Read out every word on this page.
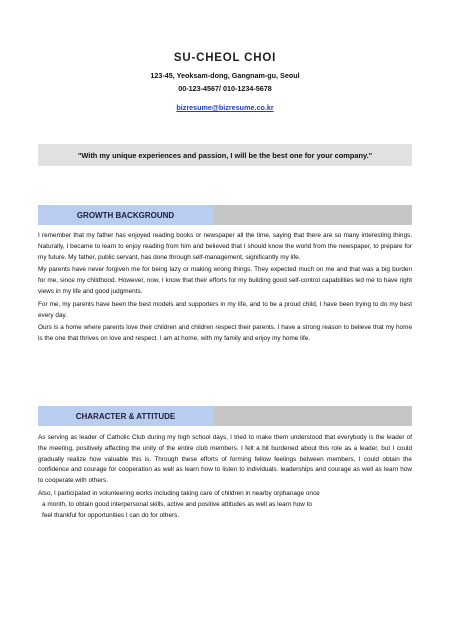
SU-CHEOL CHOI
123-45, Yeoksam-dong, Gangnam-gu, Seoul
00-123-4567/ 010-1234-5678
bizresume@bizresume.co.kr
"With my unique experiences and passion, I will be the best one for your company."
GROWTH BACKGROUND

I remember that my father has enjoyed reading books or newspaper all the time, saying that there are so many interesting things. Naturally, I became to learn to enjoy reading from him and believed that I should know the world from the newspaper, to prepare for my future. My father, public servant, has done through self-management, significantly my life.

My parents have never forgiven me for being lazy or making wrong things. They expected much on me and that was a big burden for me, since my childhood. However, now, I know that their efforts for my building good self-control capabilities led me to have right views in my life and good judgments.

For me, my parents have been the best models and supporters in my life, and to be a proud child, I have been trying to do my best every day.

Ours is a home where parents love their children and children respect their parents. I have a strong reason to believe that my home is the one that thrives on love and respect. I am at home, with my family and enjoy my home life.

CHARACTER & ATTITUDE

As serving as leader of Catholic Club during my high school days, I tried to make them understood that everybody is the leader of the meeting, positively affecting the unity of the entire club members. I felt a bit burdened about this role as a leader, but I could gradually realize how valuable this is. Through these efforts of forming fellow feelings between members, I could obtain the confidence and courage for cooperation as well as learn how to listen to individuals. leaderships and courage as well as learn how to cooperate with others.

Also, I participated in volunteering works including taking care of children in nearby orphanage once

a month, to obtain good interpersonal skills, active and positive attitudes as well as learn how to

feel thankful for opportunities I can do for others.
